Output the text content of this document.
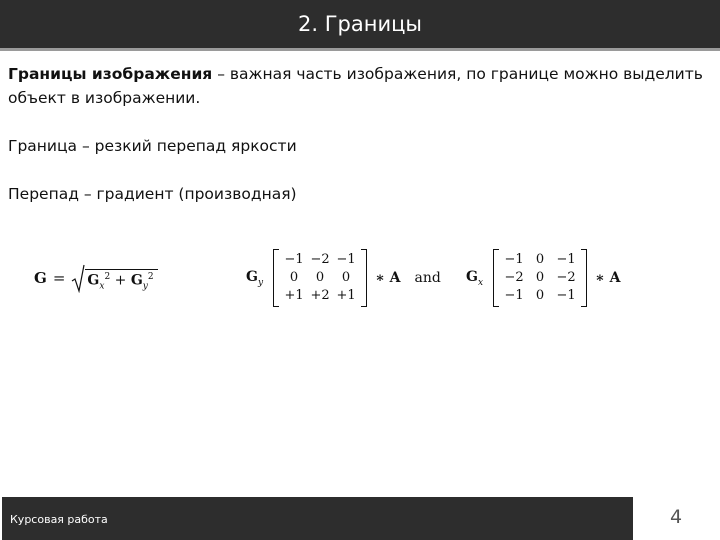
2. Границы
Границы изображения – важная часть изображения, по границе можно выделить объект в изображении.
Граница – резкий перепад яркости
Перепад – градиент (производная)
$G = G_x^2 + G_y^2$	$G_y$
−1 −2 −1
0	0	0
+1 +2 +1
∗ A and $G_x$
−1 0 −1
−2 0 −2
−1 0 −1
∗ A
Курсовая работа	4
